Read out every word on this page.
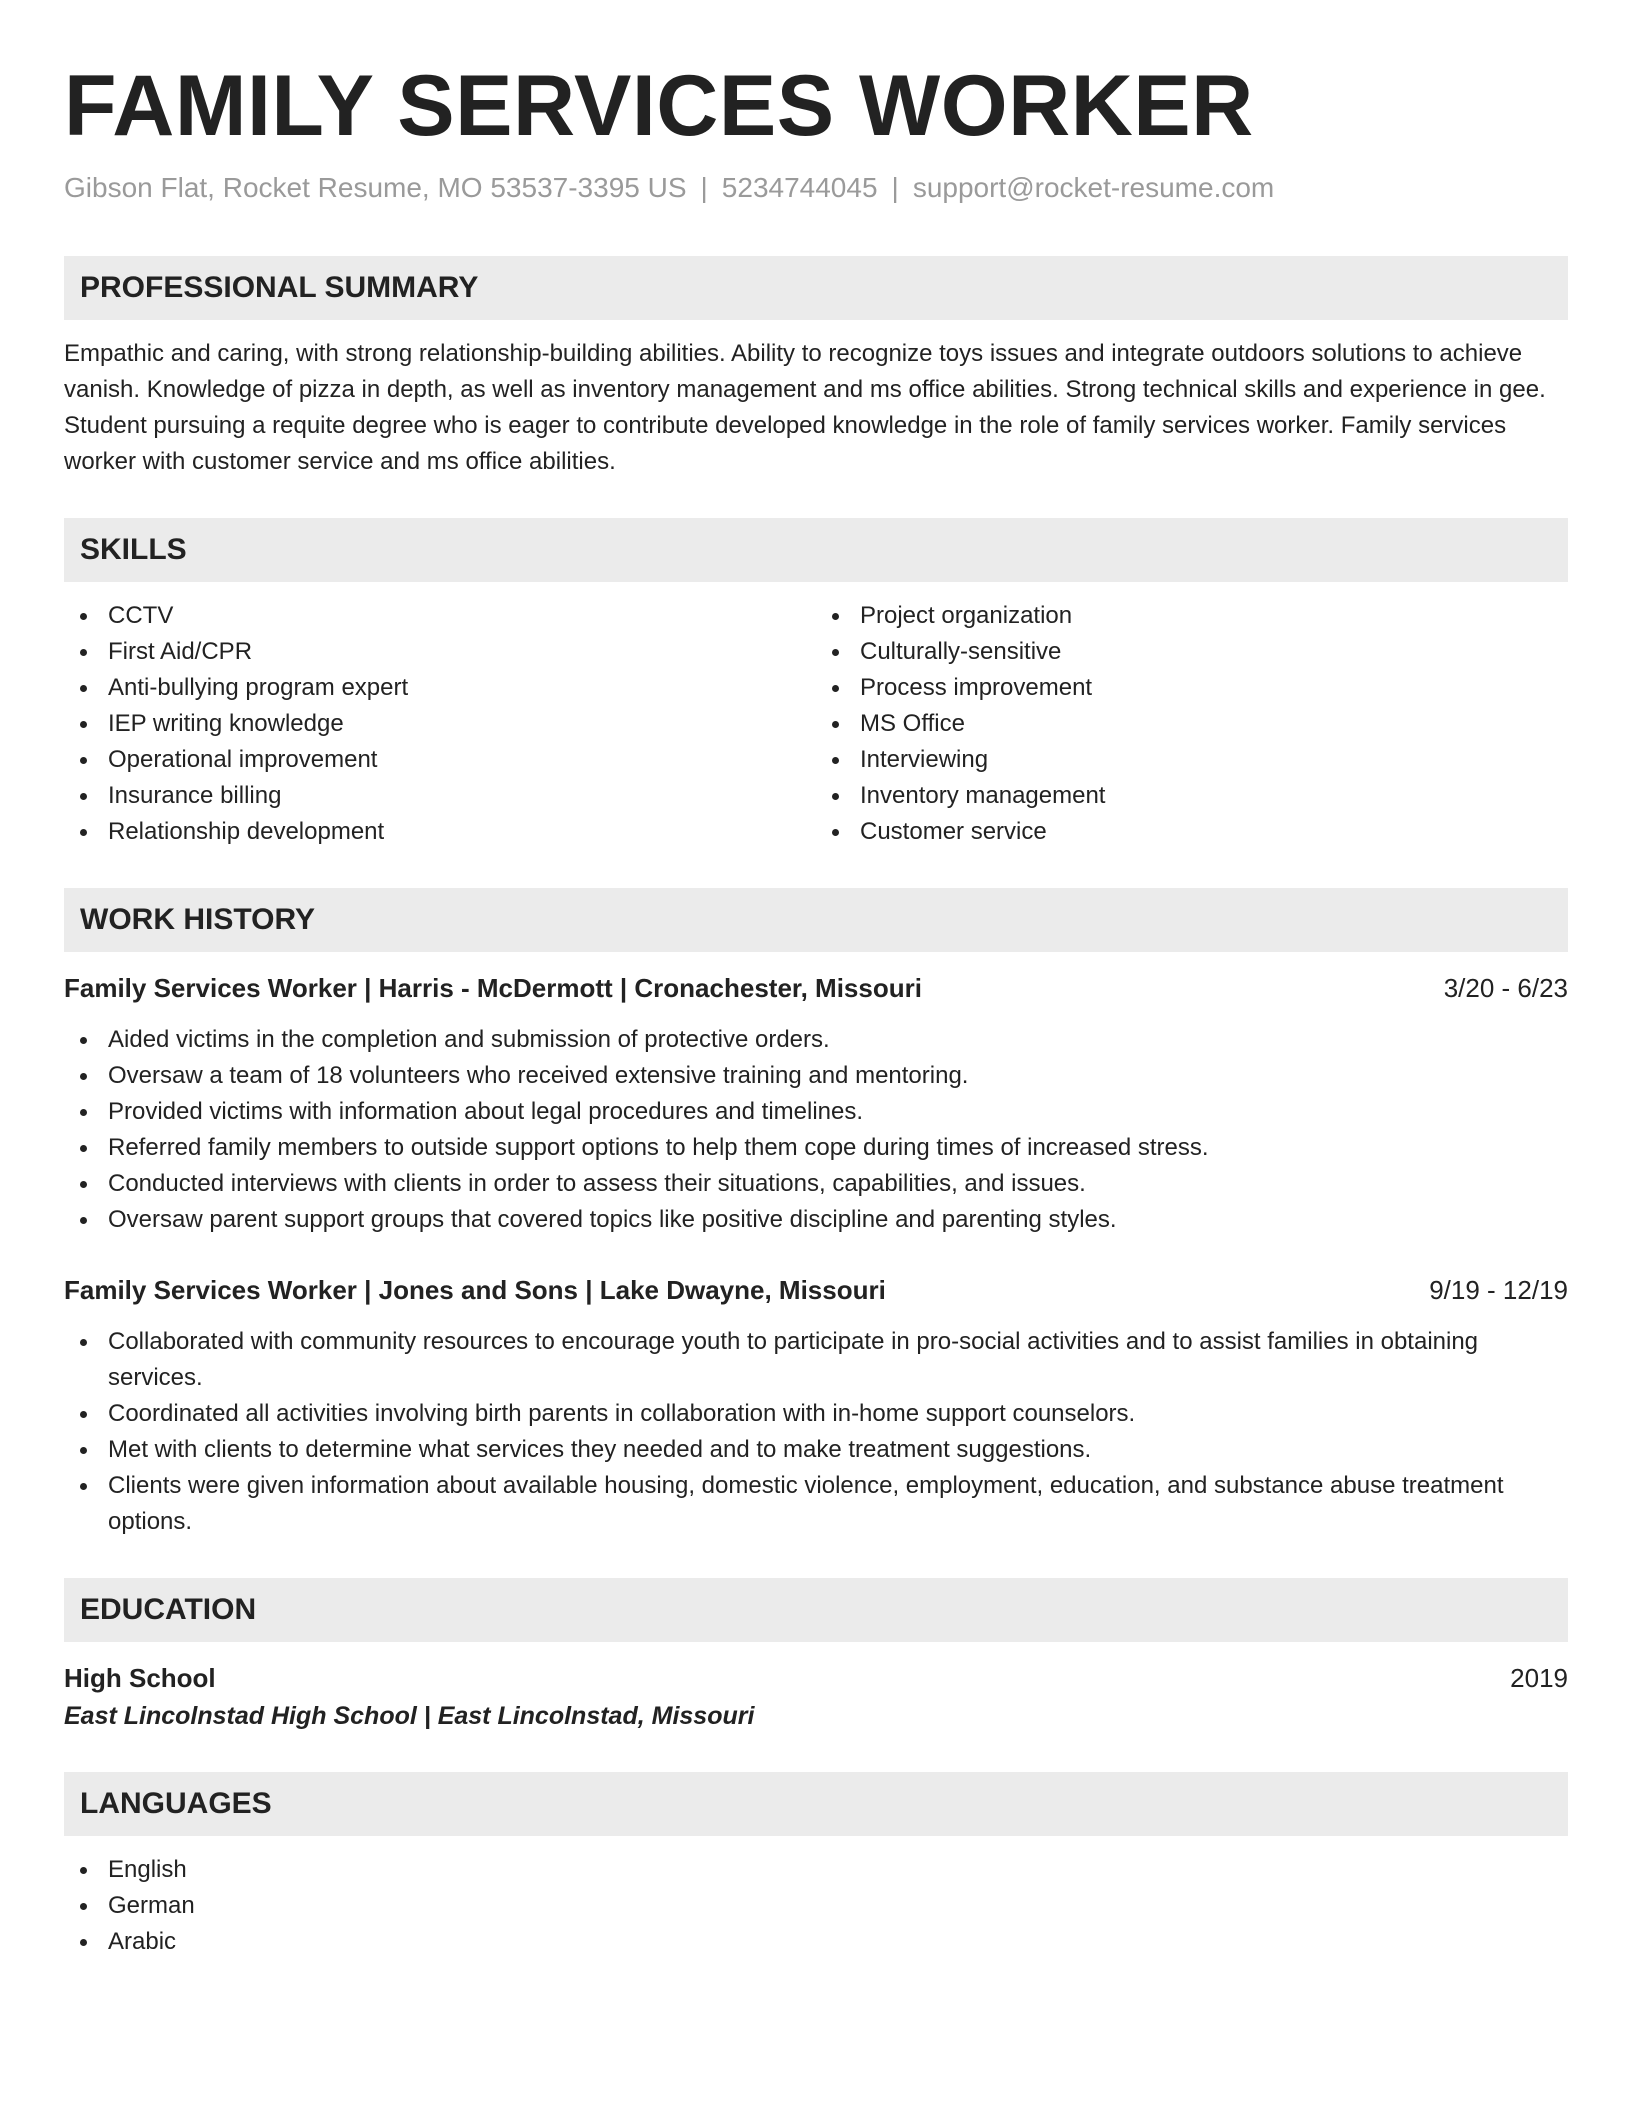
FAMILY SERVICES WORKER
Gibson Flat, Rocket Resume, MO 53537-3395 US | 5234744045 | support@rocket-resume.com
PROFESSIONAL SUMMARY

Empathic and caring, with strong relationship-building abilities. Ability to recognize toys issues and integrate outdoors solutions to achieve vanish. Knowledge of pizza in depth, as well as inventory management and ms office abilities. Strong technical skills and experience in gee. Student pursuing a requite degree who is eager to contribute developed knowledge in the role of family services worker. Family services worker with customer service and ms office abilities.

SKILLS
CCTV
First Aid/CPR
Anti-bullying program expert
IEP writing knowledge
Operational improvement
Insurance billing
Relationship development
Project organization
Culturally-sensitive
Process improvement
MS Office
Interviewing
Inventory management
Customer service
WORK HISTORY
Family Services Worker | Harris - McDermott | Cronachester, Missouri	3/20 - 6/23
Aided victims in the completion and submission of protective orders.
Oversaw a team of 18 volunteers who received extensive training and mentoring.
Provided victims with information about legal procedures and timelines.
Referred family members to outside support options to help them cope during times of increased stress.
Conducted interviews with clients in order to assess their situations, capabilities, and issues.
Oversaw parent support groups that covered topics like positive discipline and parenting styles.
Family Services Worker | Jones and Sons | Lake Dwayne, Missouri	9/19 - 12/19
Collaborated with community resources to encourage youth to participate in pro-social activities and to assist families in obtaining services.
Coordinated all activities involving birth parents in collaboration with in-home support counselors.
Met with clients to determine what services they needed and to make treatment suggestions.
Clients were given information about available housing, domestic violence, employment, education, and substance abuse treatment options.
EDUCATION
High School	2019
East Lincolnstad High School | East Lincolnstad, Missouri
LANGUAGES
English
German
Arabic
